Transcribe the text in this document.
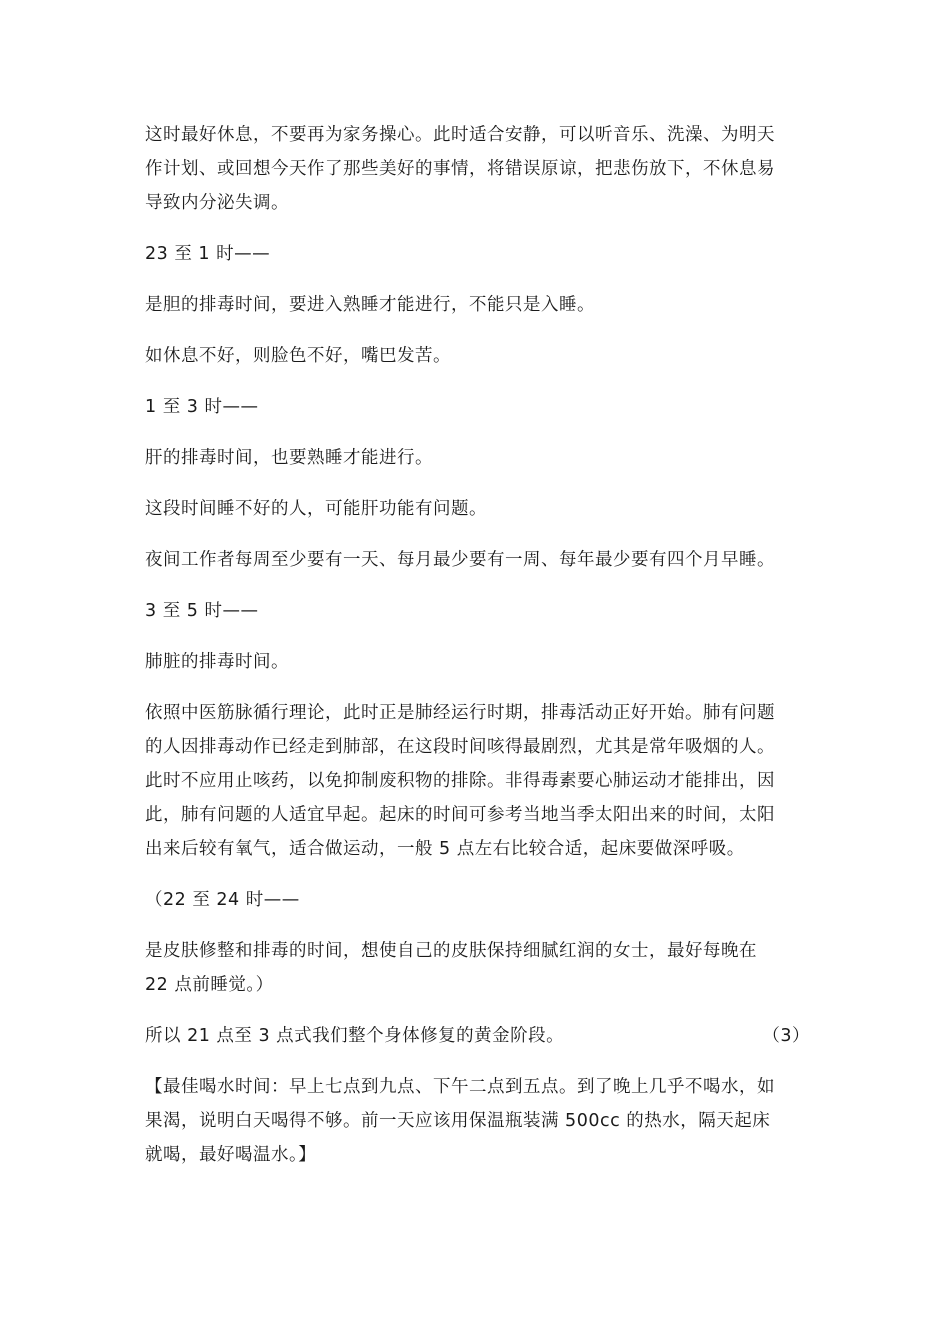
这时最好休息，不要再为家务操心。此时适合安静，可以听音乐、洗澡、为明天
作计划、或回想今天作了那些美好的事情，将错误原谅，把悲伤放下，不休息易
导致内分泌失调。

23 至 1 时——

是胆的排毒时间，要进入熟睡才能进行，不能只是入睡。

如休息不好，则脸色不好，嘴巴发苦。

1 至 3 时——

肝的排毒时间，也要熟睡才能进行。

这段时间睡不好的人，可能肝功能有问题。

夜间工作者每周至少要有一天、每月最少要有一周、每年最少要有四个月早睡。

3 至 5 时——

肺脏的排毒时间。

依照中医筋脉循行理论，此时正是肺经运行时期，排毒活动正好开始。肺有问题
的人因排毒动作已经走到肺部，在这段时间咳得最剧烈，尤其是常年吸烟的人。
此时不应用止咳药，以免抑制废积物的排除。非得毒素要心肺运动才能排出，因
此，肺有问题的人适宜早起。起床的时间可参考当地当季太阳出来的时间，太阳
出来后较有氧气，适合做运动，一般 5 点左右比较合适，起床要做深呼吸。

（22 至 24 时——

是皮肤修整和排毒的时间，想使自己的皮肤保持细腻红润的女士，最好每晚在
22 点前睡觉。）

所以 21 点至 3 点式我们整个身体修复的黄金阶段。	（3）

【最佳喝水时间：早上七点到九点、下午二点到五点。到了晚上几乎不喝水，如
果渴，说明白天喝得不够。前一天应该用保温瓶装满 500cc 的热水，隔天起床
就喝，最好喝温水。】
